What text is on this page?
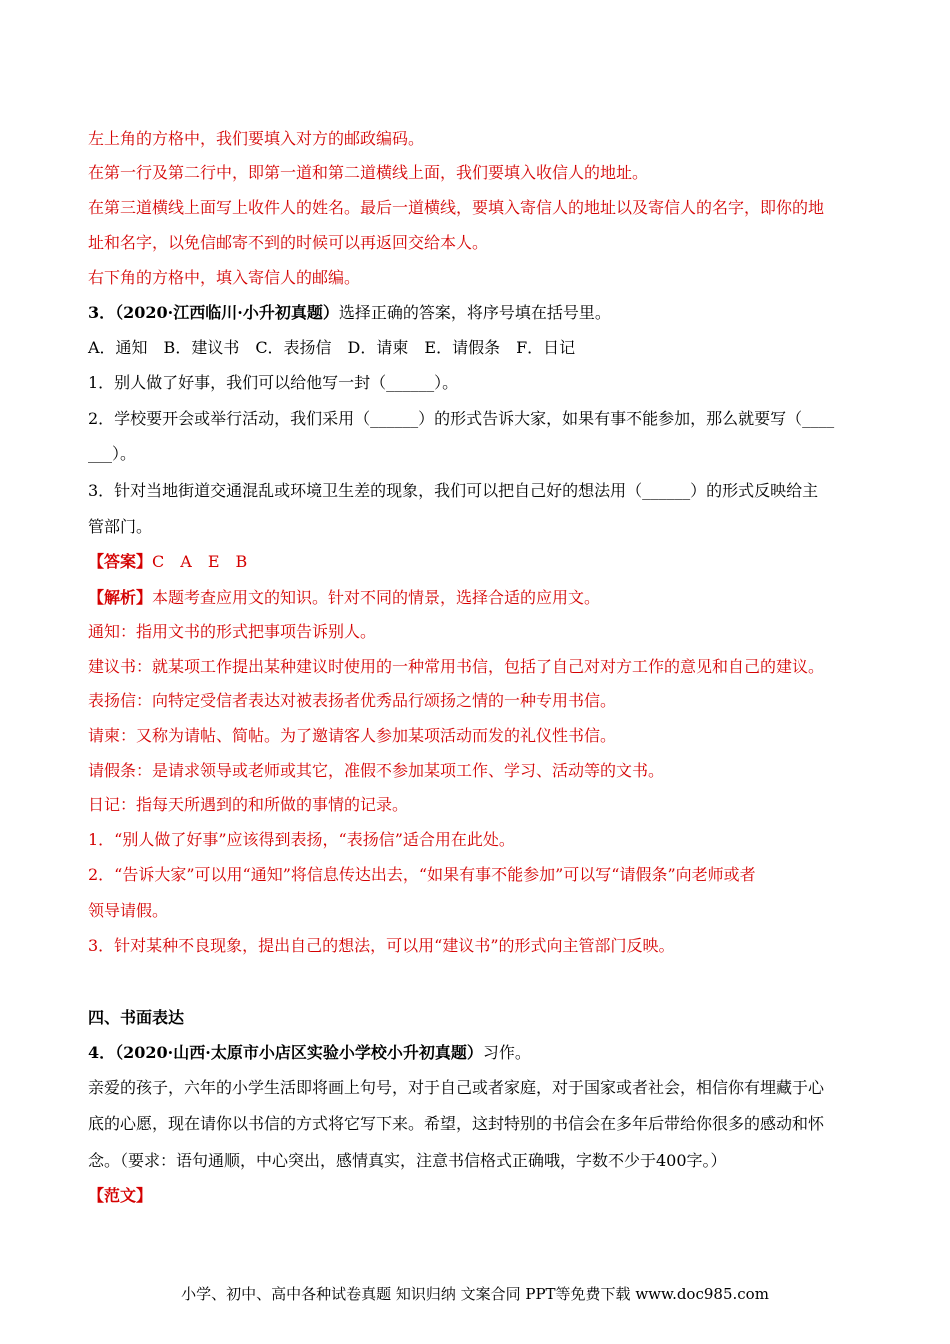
左上角的方格中，我们要填入对方的邮政编码。
在第一行及第二行中，即第一道和第二道横线上面，我们要填入收信人的地址。
在第三道横线上面写上收件人的姓名。最后一道横线，要填入寄信人的地址以及寄信人的名字，即你的地
址和名字，以免信邮寄不到的时候可以再返回交给本人。
右下角的方格中，填入寄信人的邮编。
3．（2020·江西临川·小升初真题）选择正确的答案，将序号填在括号里。
A．通知　B．建议书　C．表扬信　D．请柬　E．请假条　F．日记
1．别人做了好事，我们可以给他写一封（______）。
2．学校要开会或举行活动，我们采用（______）的形式告诉大家，如果有事不能参加，那么就要写（____
___）。
3．针对当地街道交通混乱或环境卫生差的现象，我们可以把自己好的想法用（______）的形式反映给主
管部门。
【答案】C　A　E　B
【解析】本题考查应用文的知识。针对不同的情景，选择合适的应用文。
通知：指用文书的形式把事项告诉别人。
建议书：就某项工作提出某种建议时使用的一种常用书信，包括了自己对对方工作的意见和自己的建议。
表扬信：向特定受信者表达对被表扬者优秀品行颂扬之情的一种专用书信。
请柬：又称为请帖、简帖。为了邀请客人参加某项活动而发的礼仪性书信。
请假条：是请求领导或老师或其它，准假不参加某项工作、学习、活动等的文书。
日记：指每天所遇到的和所做的事情的记录。
1．“别人做了好事”应该得到表扬，“表扬信”适合用在此处。
2．“告诉大家”可以用“通知”将信息传达出去，“如果有事不能参加”可以写“请假条”向老师或者
领导请假。
3．针对某种不良现象，提出自己的想法，可以用“建议书”的形式向主管部门反映。
四、书面表达
4．（2020·山西·太原市小店区实验小学校小升初真题）习作。
亲爱的孩子，六年的小学生活即将画上句号，对于自己或者家庭，对于国家或者社会，相信你有埋藏于心
底的心愿，现在请你以书信的方式将它写下来。希望，这封特别的书信会在多年后带给你很多的感动和怀
念。（要求：语句通顺，中心突出，感情真实，注意书信格式正确哦，字数不少于400字。）
【范文】
小学、初中、高中各种试卷真题 知识归纳 文案合同 PPT等免费下载 www.doc985.com
